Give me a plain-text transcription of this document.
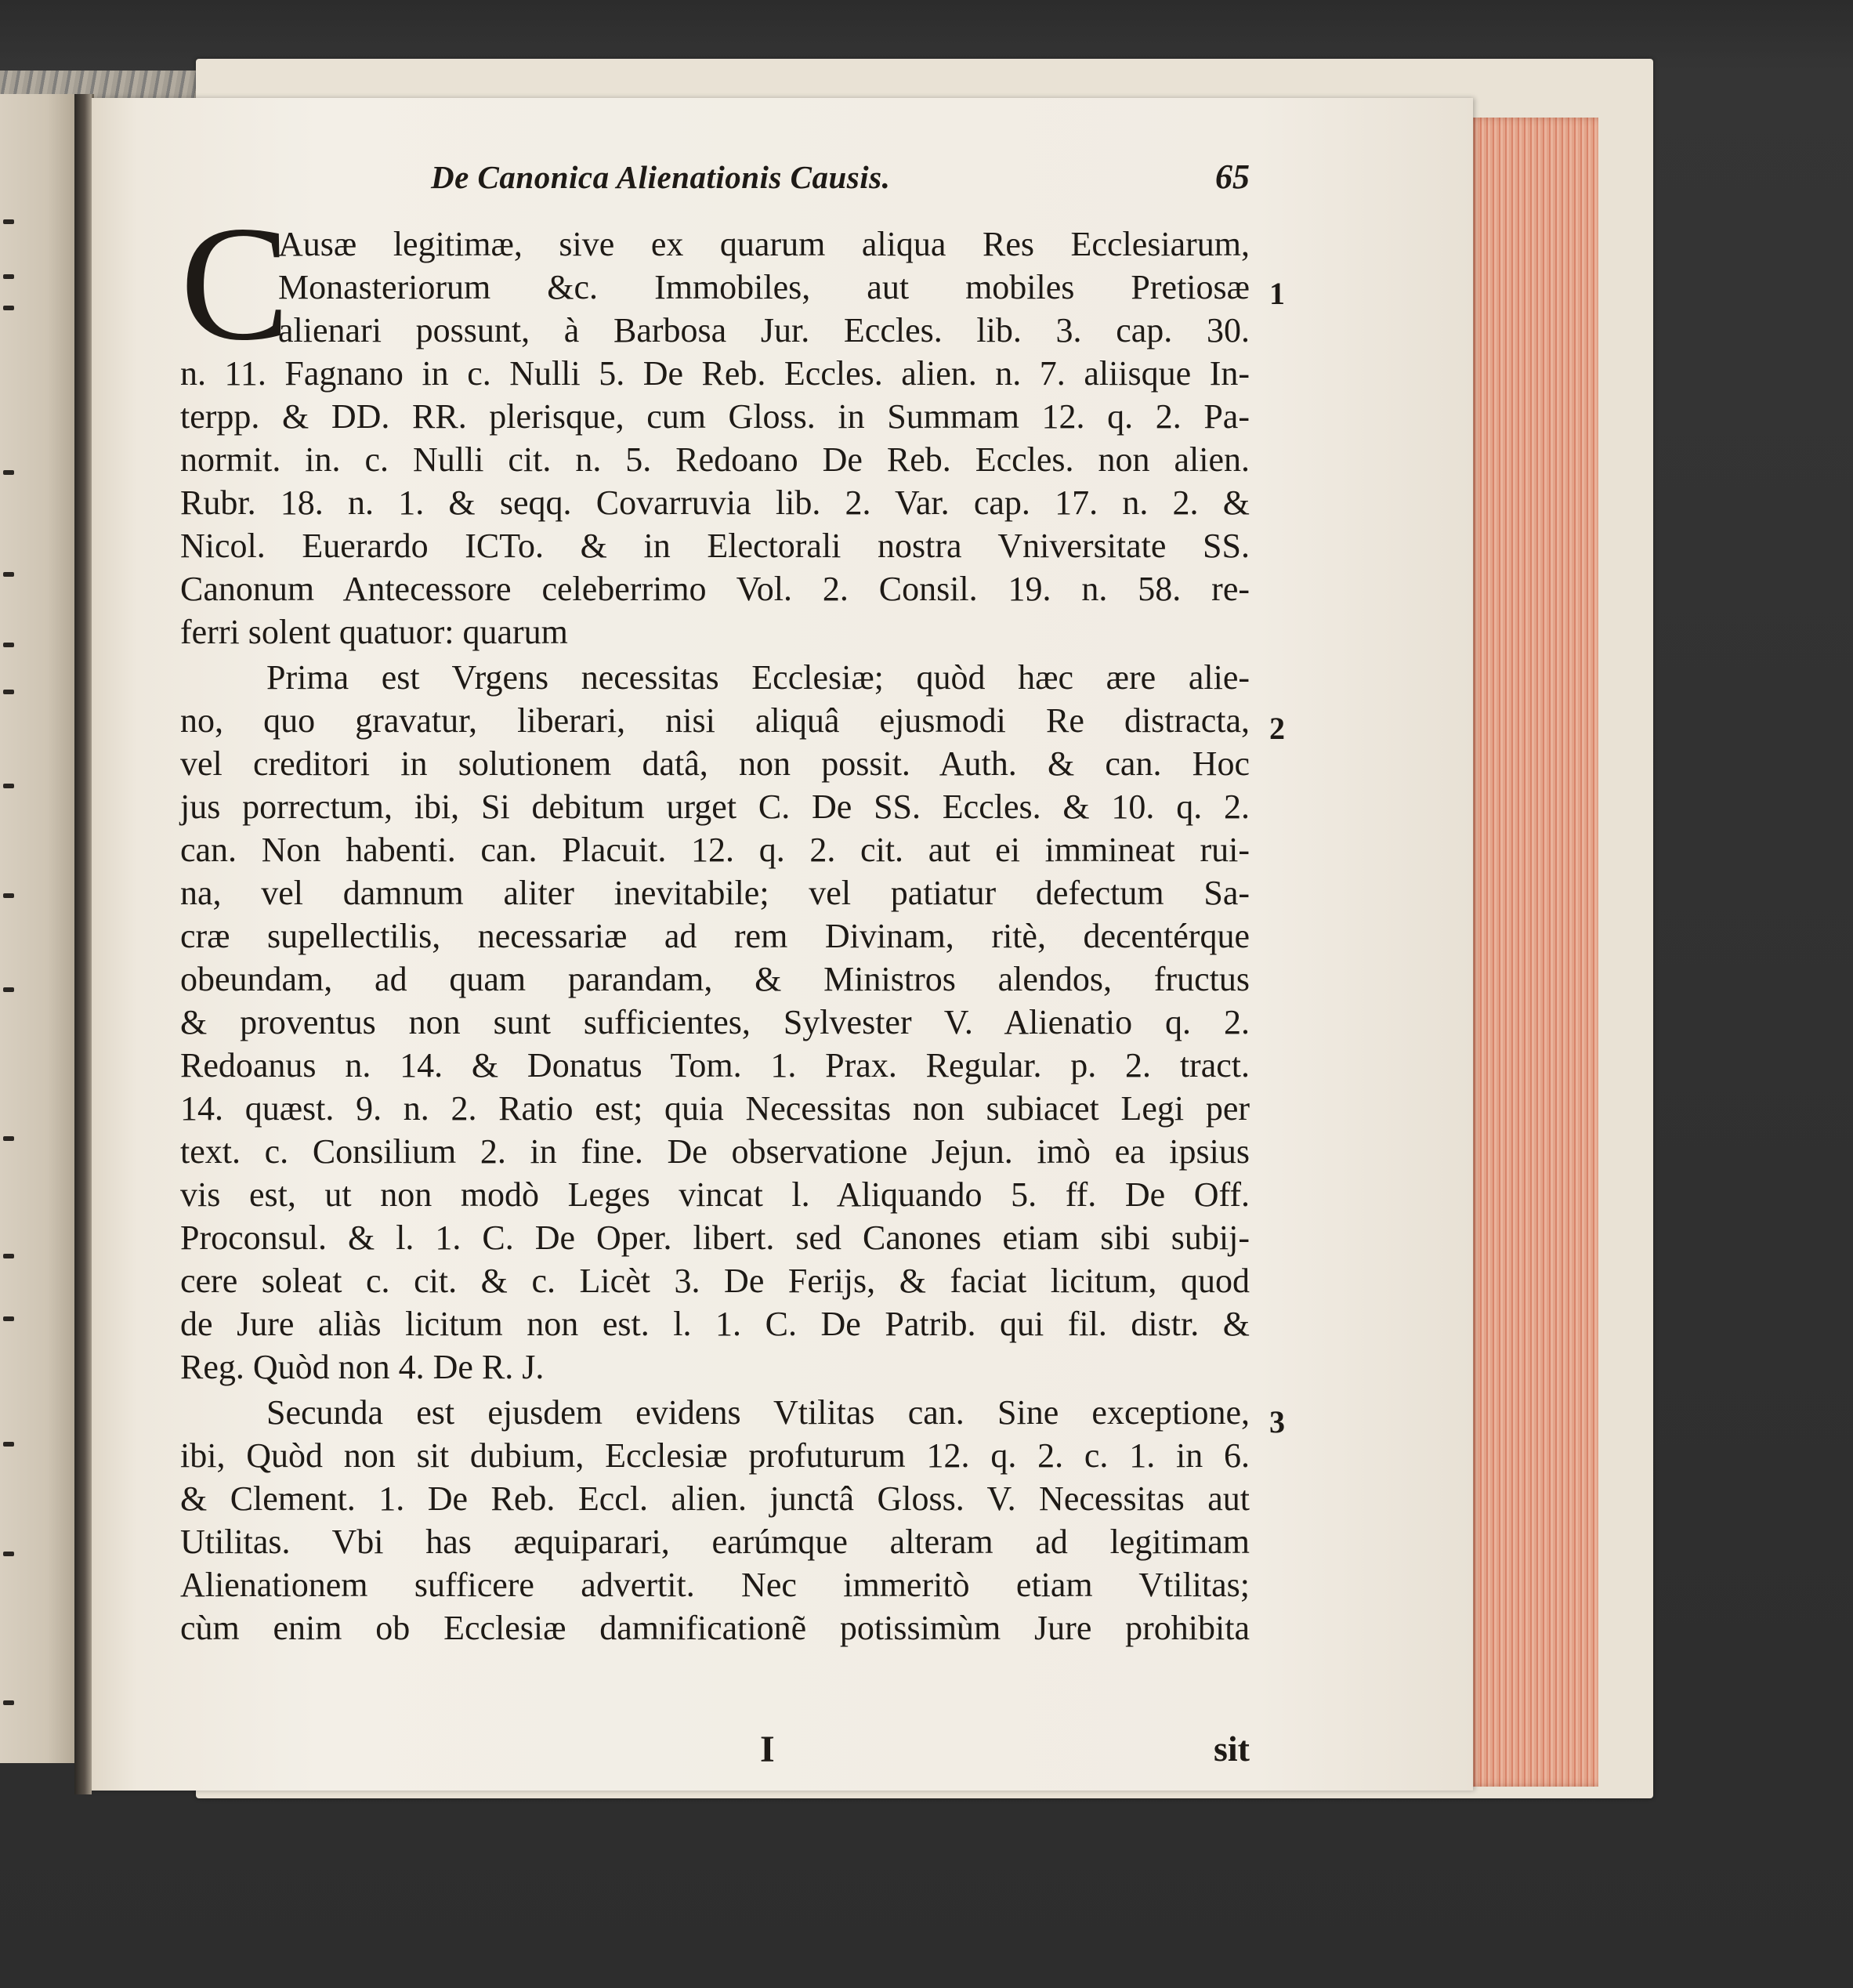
De Canonica Alienationis Causis.	65
C
Ausæ legitimæ, sive ex quarum aliqua Res Ecclesiarum,
Monasteriorum &c. Immobiles, aut mobiles Pretiosæ
alienari possunt, à Barbosa Jur. Eccles. lib. 3. cap. 30.
n. 11. Fagnano in c. Nulli 5. De Reb. Eccles. alien. n. 7. aliisque In-
terpp. & DD. RR. plerisque, cum Gloss. in Summam 12. q. 2. Pa-
normit. in. c. Nulli cit. n. 5. Redoano De Reb. Eccles. non alien.
Rubr. 18. n. 1. & seqq. Covarruvia lib. 2. Var. cap. 17. n. 2. &
Nicol. Euerardo ICTo. & in Electorali nostra Vniversitate SS.
Canonum Antecessore celeberrimo Vol. 2. Consil. 19. n. 58. re-
ferri solent quatuor: quarum
Prima est Vrgens necessitas Ecclesiæ; quòd hæc ære alie-
no, quo gravatur, liberari, nisi aliquâ ejusmodi Re distracta,
vel creditori in solutionem datâ, non possit. Auth. & can. Hoc
jus porrectum, ibi, Si debitum urget C. De SS. Eccles. & 10. q. 2.
can. Non habenti. can. Placuit. 12. q. 2. cit. aut ei immineat rui-
na, vel damnum aliter inevitabile; vel patiatur defectum Sa-
cræ supellectilis, necessariæ ad rem Divinam, ritè, decentérque
obeundam, ad quam parandam, & Ministros alendos, fructus
& proventus non sunt sufficientes, Sylvester V. Alienatio q. 2.
Redoanus n. 14. & Donatus Tom. 1. Prax. Regular. p. 2. tract.
14. quæst. 9. n. 2. Ratio est; quia Necessitas non subiacet Legi per
text. c. Consilium 2. in fine. De observatione Jejun. imò ea ipsius
vis est, ut non modò Leges vincat l. Aliquando 5. ff. De Off.
Proconsul. & l. 1. C. De Oper. libert. sed Canones etiam sibi subij-
cere soleat c. cit. & c. Licèt 3. De Ferijs, & faciat licitum, quod
de Jure aliàs licitum non est. l. 1. C. De Patrib. qui fil. distr. &
Reg. Quòd non 4. De R. J.
Secunda est ejusdem evidens Vtilitas can. Sine exceptione,
ibi, Quòd non sit dubium, Ecclesiæ profuturum 12. q. 2. c. 1. in 6.
& Clement. 1. De Reb. Eccl. alien. junctâ Gloss. V. Necessitas aut
Utilitas. Vbi has æquiparari, earúmque alteram ad legitimam
Alienationem sufficere advertit. Nec immeritò etiam Vtilitas;
cùm enim ob Ecclesiæ damnificationẽ potissimùm Jure prohibita
1
2
3
I	sit
